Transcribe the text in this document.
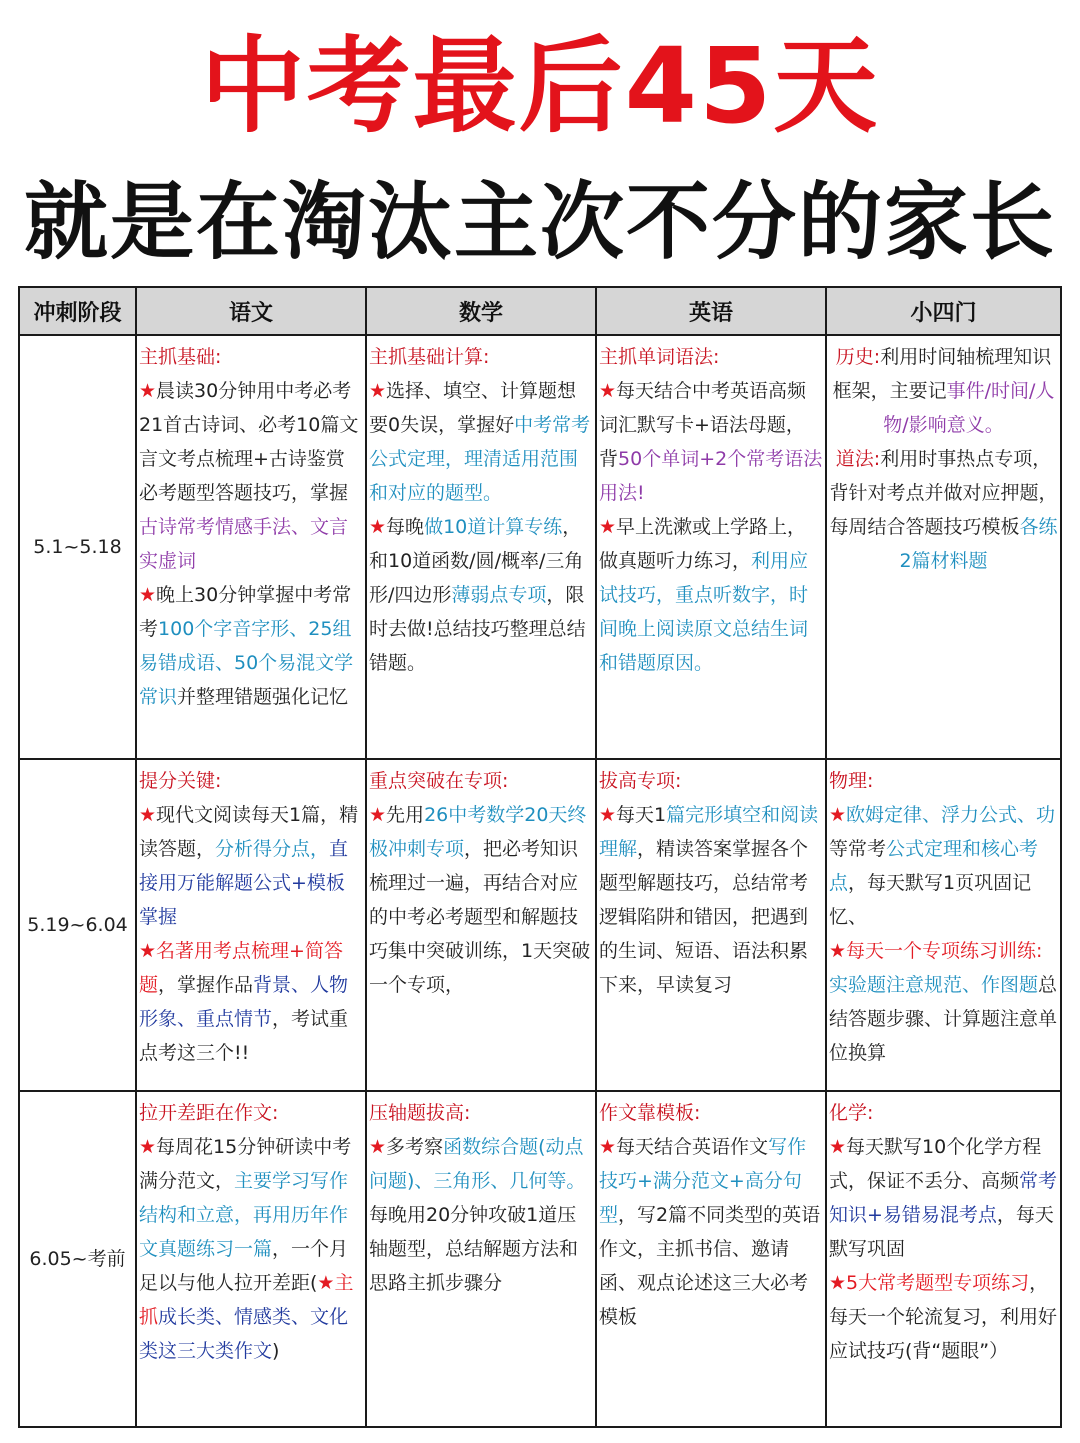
中考最后45天
就是在淘汰主次不分的家长
冲刺阶段	语文	数学	英语	小四门
5.1~5.18	主抓基础:
★晨读30分钟用中考必考21首古诗词、必考10篇文言文考点梳理+古诗鉴赏必考题型答题技巧，掌握古诗常考情感手法、文言实虚词
★晚上30分钟掌握中考常考100个字音字形、25组易错成语、50个易混文学常识并整理错题强化记忆	主抓基础计算:
★选择、填空、计算题想要0失误，掌握好中考常考公式定理，理清适用范围和对应的题型。
★每晚做10道计算专练，和10道函数/圆/概率/三角形/四边形薄弱点专项，限时去做!总结技巧整理总结错题。	主抓单词语法:
★每天结合中考英语高频词汇默写卡+语法母题，背50个单词+2个常考语法用法!
★早上洗漱或上学路上，做真题听力练习，利用应试技巧，重点听数字，时间晚上阅读原文总结生词和错题原因。	历史:利用时间轴梳理知识框架，主要记事件/时间/人物/影响意义。
道法:利用时事热点专项，背针对考点并做对应押题，每周结合答题技巧模板各练2篇材料题

5.19~6.04	提分关键:
★现代文阅读每天1篇，精读答题，分析得分点，直接用万能解题公式+模板掌握
★名著用考点梳理+简答题，掌握作品背景、人物形象、重点情节，考试重点考这三个!!	重点突破在专项:
★先用26中考数学20天终极冲刺专项，把必考知识梳理过一遍，再结合对应的中考必考题型和解题技巧集中突破训练，1天突破一个专项，	拔高专项:
★每天1篇完形填空和阅读理解，精读答案掌握各个题型解题技巧，总结常考逻辑陷阱和错因，把遇到的生词、短语、语法积累下来，早读复习	物理:
★欧姆定律、浮力公式、功等常考公式定理和核心考点，每天默写1页巩固记忆、
★每天一个专项练习训练:实验题注意规范、作图题总结答题步骤、计算题注意单位换算

6.05~考前	拉开差距在作文:
★每周花15分钟研读中考满分范文，主要学习写作结构和立意，再用历年作文真题练习一篇，一个月足以与他人拉开差距(★主抓成长类、情感类、文化类这三大类作文)	压轴题拔高:
★多考察函数综合题(动点问题)、三角形、几何等。
每晚用20分钟攻破1道压轴题型，总结解题方法和思路主抓步骤分	作文靠模板:
★每天结合英语作文写作技巧+满分范文+高分句型，写2篇不同类型的英语作文，主抓书信、邀请函、观点论述这三大必考模板	化学:
★每天默写10个化学方程式，保证不丢分、高频常考知识+易错易混考点，每天默写巩固
★5大常考题型专项练习，每天一个轮流复习，利用好应试技巧(背“题眼”）
